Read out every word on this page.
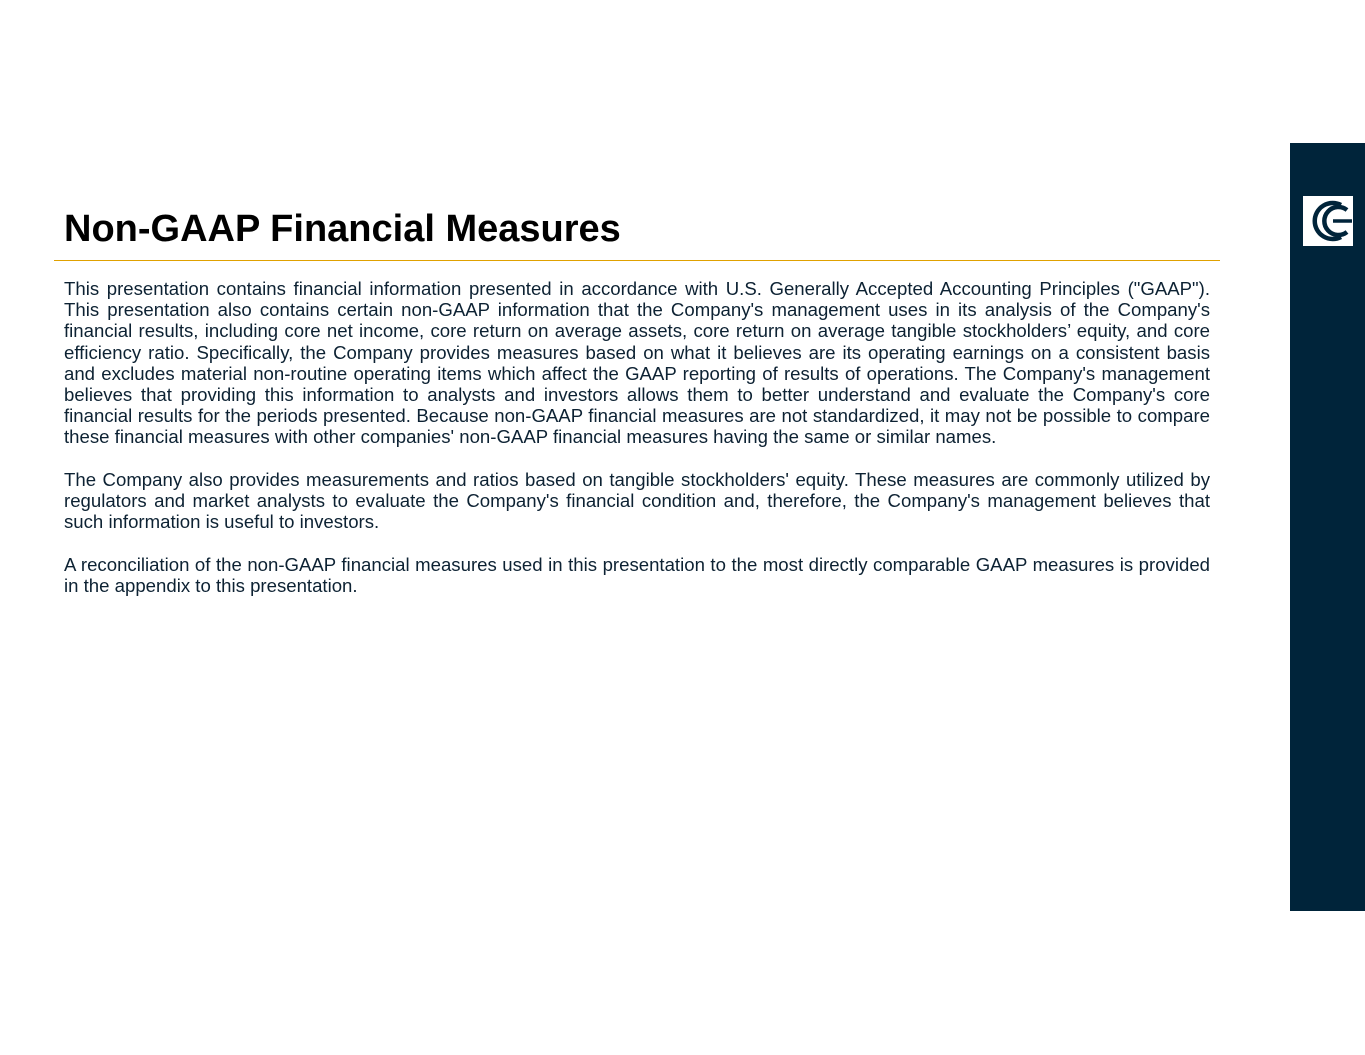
Non-GAAP Financial Measures

This presentation contains financial information presented in accordance with U.S. Generally Accepted Accounting Principles ("GAAP"). This presentation also contains certain non-GAAP information that the Company's management uses in its analysis of the Company's financial results, including core net income, core return on average assets, core return on average tangible stockholders’ equity, and core efficiency ratio. Specifically, the Company provides measures based on what it believes are its operating earnings on a consistent basis and excludes material non-routine operating items which affect the GAAP reporting of results of operations. The Company's management believes that providing this information to analysts and investors allows them to better understand and evaluate the Company's core financial results for the periods presented. Because non-GAAP financial measures are not standardized, it may not be possible to compare these financial measures with other companies' non-GAAP financial measures having the same or similar names.

The Company also provides measurements and ratios based on tangible stockholders' equity. These measures are commonly utilized by regulators and market analysts to evaluate the Company's financial condition and, therefore, the Company's management believes that such information is useful to investors.

A reconciliation of the non-GAAP financial measures used in this presentation to the most directly comparable GAAP measures is provided in the appendix to this presentation.
